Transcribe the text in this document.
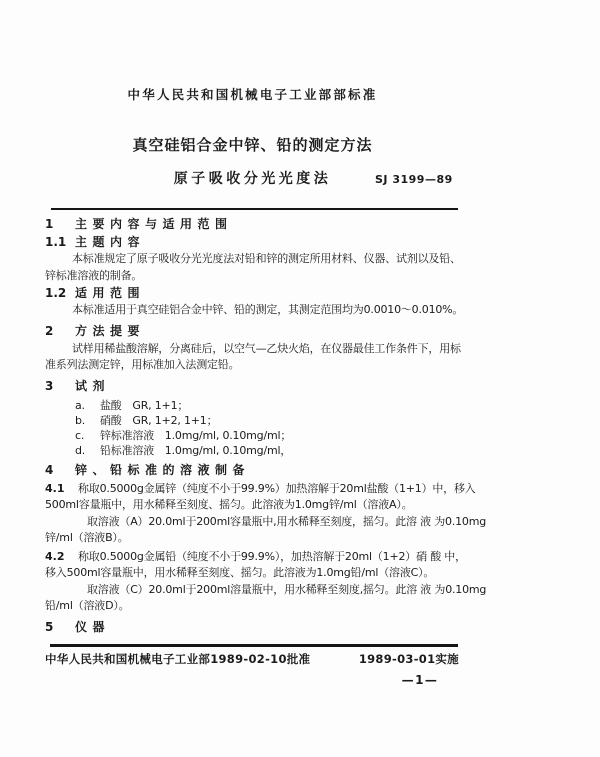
中华人民共和国机械电子工业部部标准
真空硅铝合金中锌、铅的测定方法
原子吸收分光光度法	SJ 3199—89
1 主要内容与适用范围
1.1 主题内容
本标准规定了原子吸收分光光度法对铅和锌的测定所用材料、仪器、试剂以及铅、
锌标准溶液的制备。
1.2 适用范围
本标准适用于真空硅铝合金中锌、铅的测定，其测定范围均为0.0010～0.010%。
2 方法提要
试样用稀盐酸溶解，分离硅后，以空气—乙炔火焰，在仪器最佳工作条件下，用标
准系列法测定锌，用标准加入法测定铅。
3 试剂
a. 盐酸　GR, 1+1；
b. 硝酸　GR, 1+2, 1+1；
c. 锌标准溶液　1.0mg/ml, 0.10mg/ml；
d. 铅标准溶液　1.0mg/ml, 0.10mg/ml，
4 锌、铅标准的溶液制备
4.1 称取0.5000g金属锌（纯度不小于99.9%）加热溶解于20ml盐酸（1+1）中，移入
500ml容量瓶中，用水稀释至刻度、摇匀。此溶液为1.0mg锌/ml（溶液A）。
取溶液（A）20.0ml于200ml容量瓶中,用水稀释至刻度，摇匀。此溶 液 为0.10mg
锌/ml（溶液B）。
4.2 称取0.5000g金属铅（纯度不小于99.9%），加热溶解于20ml（1+2）硝 酸 中，
移入500ml容量瓶中，用水稀释至刻度、摇匀。此溶液为1.0mg铅/ml（溶液C）。
取溶液（C）20.0ml于200ml溶量瓶中，用水稀释至刻度,摇匀。此溶 液 为0.10mg
铅/ml（溶液D）。
5 仪器
中华人民共和国机械电子工业部1989-02-10批准	1989-03-01实施
—1—
